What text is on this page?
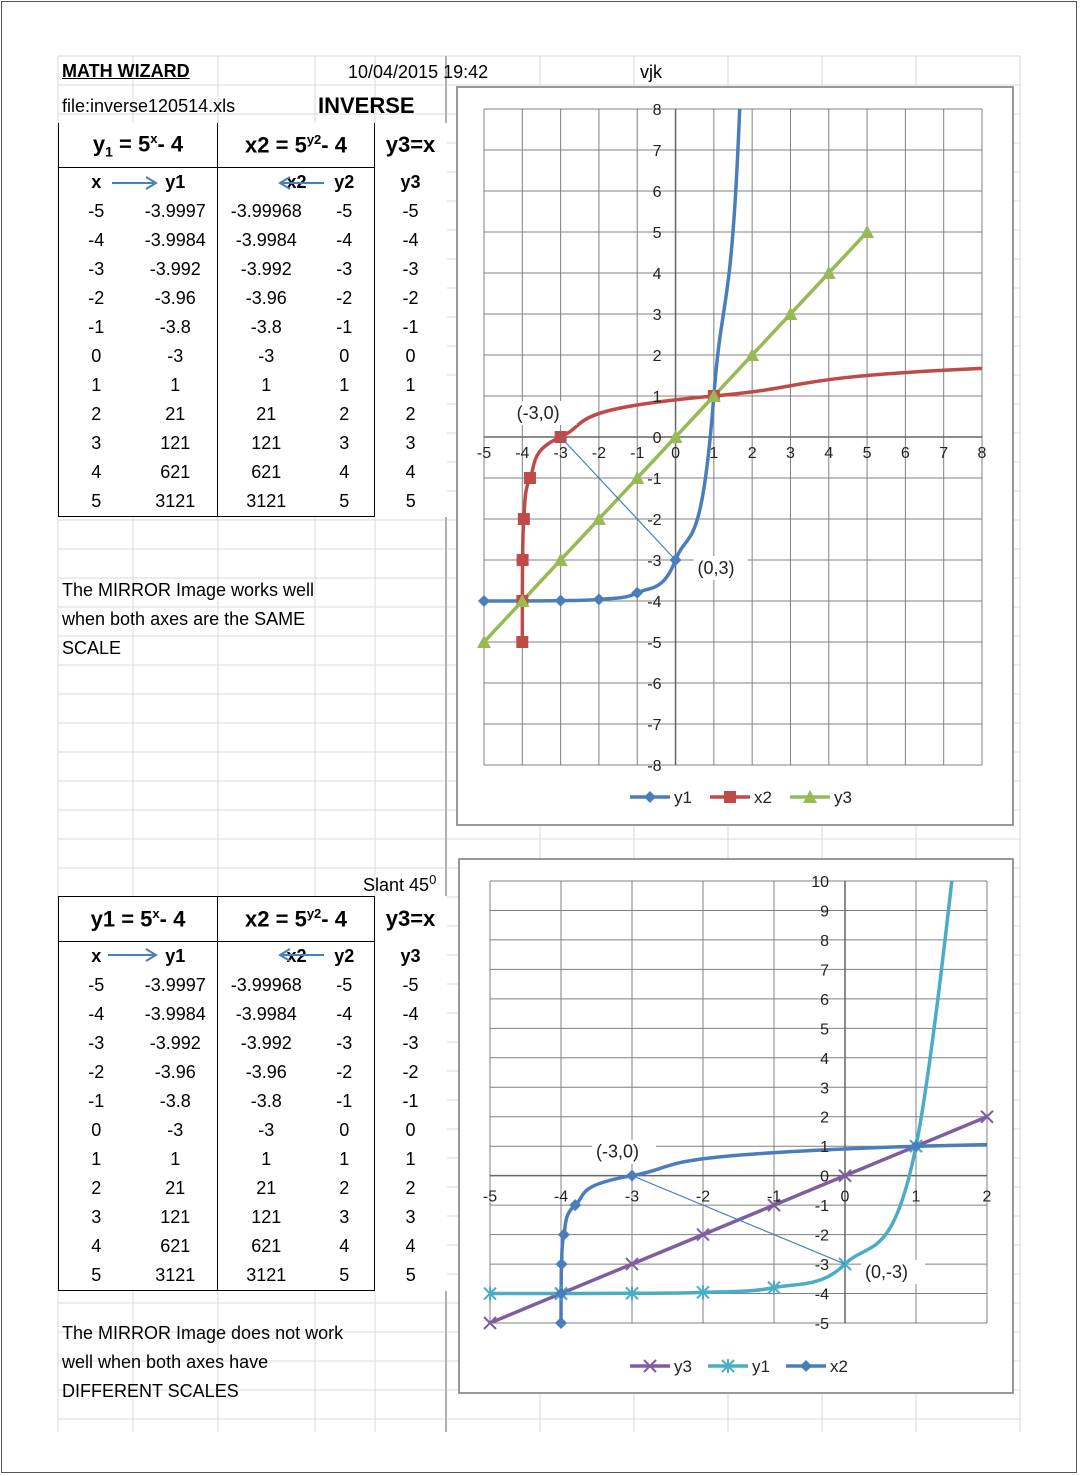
MATH WIZARD	10/04/2015 19:42	vjk
file:inverse120514.xls	INVERSE
$y_1 = 5^x-$ 4		$x2 = 5^{y2}-$ 4		y3=x
x	y1	x2	y2	y3
-5	-3.9997	-3.99968	-5	-5
-4	-3.9984	-3.9984	-4	-4
-3	-3.992	-3.992	-3	-3
-2	-3.96	-3.96	-2	-2
-1	-3.8	-3.8	-1	-1
0	-3	-3	0	0
1	1	1	1	1
2	21	21	2	2
3	121	121	3	3
4	621	621	4	4
5	3121	3121	5	5
The MIRROR Image works well when both axes are the SAME SCALE
Slant $45^0$
$y1 = 5^x-$ 4		$x2 = 5^{y2}-$ 4		y3=x
x	y1	x2	y2	y3
-5	-3.9997	-3.99968	-5	-5
-4	-3.9984	-3.9984	-4	-4
-3	-3.992	-3.992	-3	-3
-2	-3.96	-3.96	-2	-2
-1	-3.8	-3.8	-1	-1
0	-3	-3	0	0
1	1	1	1	1
2	21	21	2	2
3	121	121	3	3
4	621	621	4	4
5	3121	3121	5	5
The MIRROR Image does not work well when both axes have DIFFERENT SCALES
-5 -4 -3 -2 -1 0 1 2 3 4 5 6 7 8
-8
-7
-6
-5
-4
-3
-2
-1
0
1
2
3
4
5
6
7
8
(-3,0)
(0,3)
y1	x2	y3
-5	-4	-3	-2	-1	0	1	2
-5
-4
-3
-2
-1
0
1
2
3
4
5
6
7
8
9
10
(-3,0)
(0,-3)
y3	y1	x2
